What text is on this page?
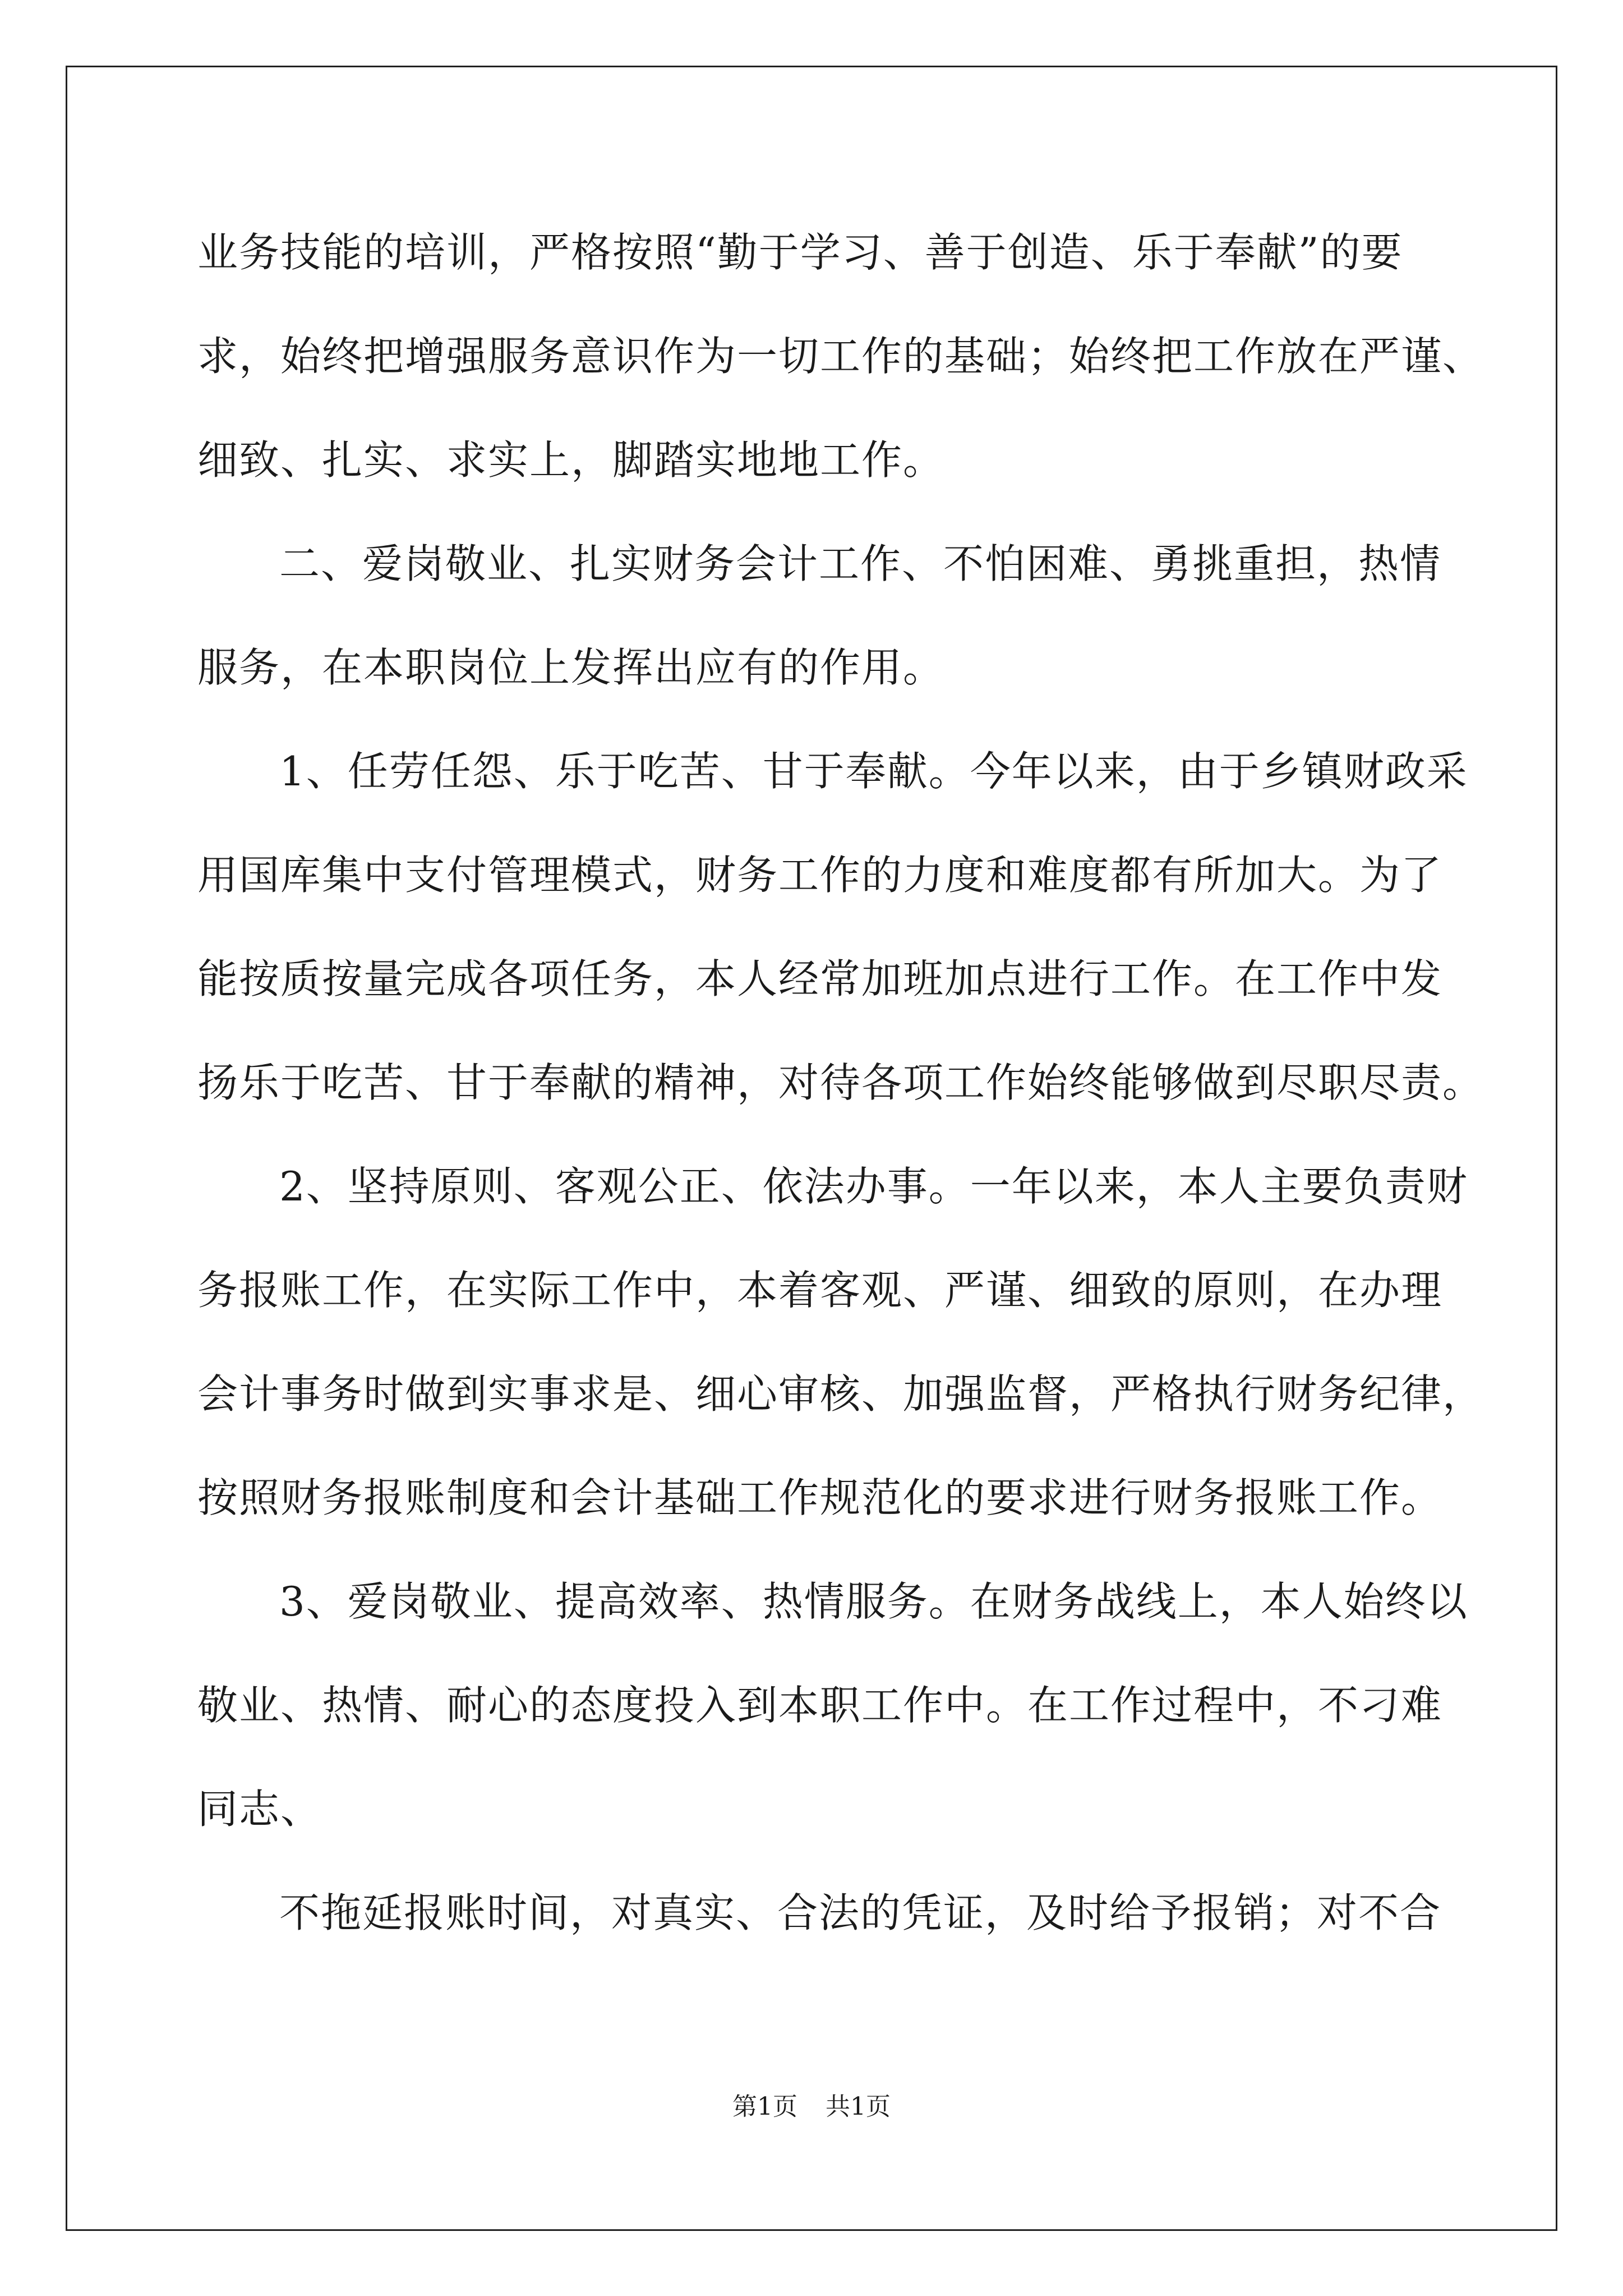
业务技能的培训，严格按照“勤于学习、善于创造、乐于奉献”的要
求，始终把增强服务意识作为一切工作的基础；始终把工作放在严谨、
细致、扎实、求实上，脚踏实地地工作。
二、爱岗敬业、扎实财务会计工作、不怕困难、勇挑重担，热情
服务，在本职岗位上发挥出应有的作用。
1、任劳任怨、乐于吃苦、甘于奉献。今年以来，由于乡镇财政采
用国库集中支付管理模式，财务工作的力度和难度都有所加大。为了
能按质按量完成各项任务，本人经常加班加点进行工作。在工作中发
扬乐于吃苦、甘于奉献的精神，对待各项工作始终能够做到尽职尽责。
2、坚持原则、客观公正、依法办事。一年以来，本人主要负责财
务报账工作，在实际工作中，本着客观、严谨、细致的原则，在办理
会计事务时做到实事求是、细心审核、加强监督，严格执行财务纪律，
按照财务报账制度和会计基础工作规范化的要求进行财务报账工作。
3、爱岗敬业、提高效率、热情服务。在财务战线上，本人始终以
敬业、热情、耐心的态度投入到本职工作中。在工作过程中，不刁难
同志、
不拖延报账时间，对真实、合法的凭证，及时给予报销；对不合
第1页 共1页
